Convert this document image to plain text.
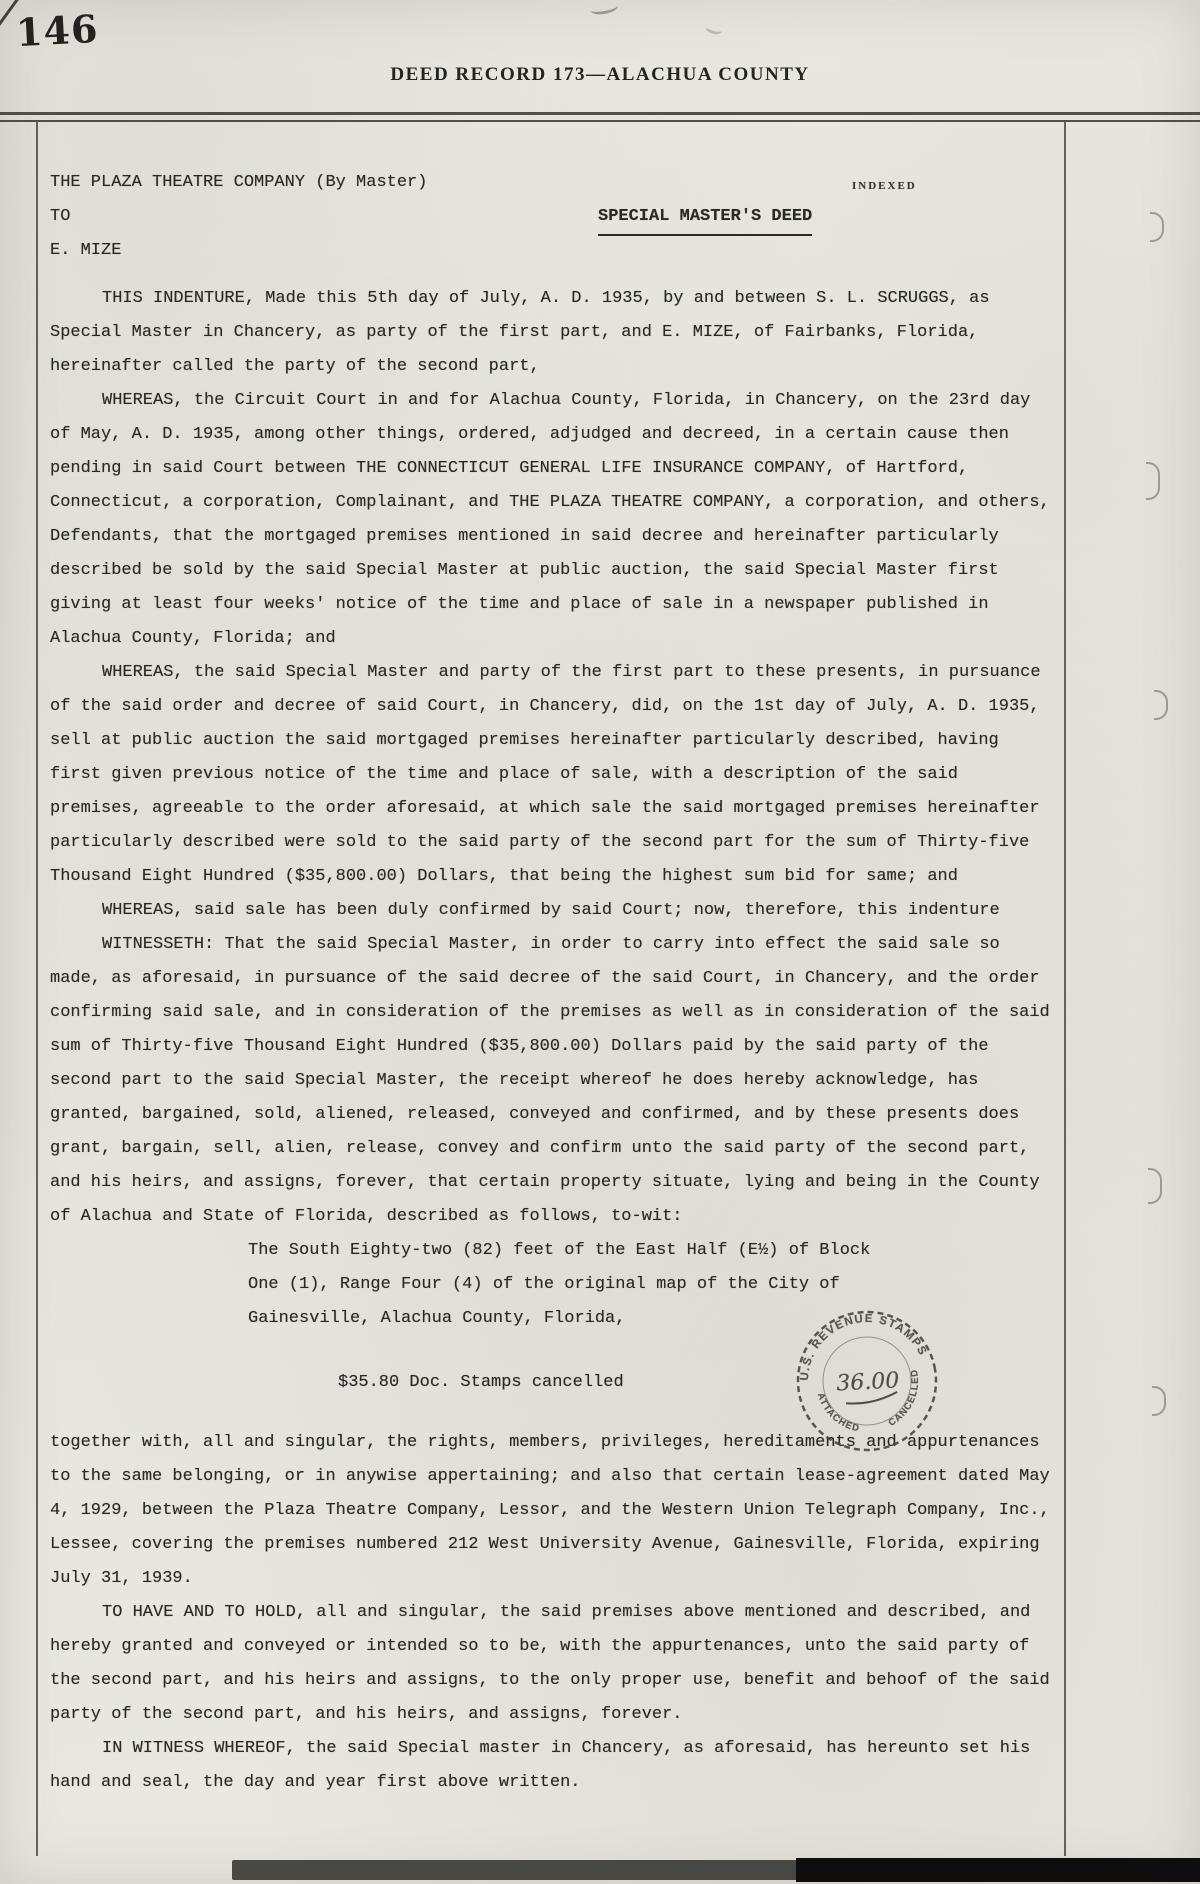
146
DEED RECORD 173—ALACHUA COUNTY
THE PLAZA THEATRE COMPANY (By Master)	INDEXED
TO	SPECIAL MASTER'S DEED
E. MIZE

THIS INDENTURE, Made this 5th day of July, A. D. 1935, by and between S. L. SCRUGGS, as Special Master in Chancery, as party of the first part, and E. MIZE, of Fairbanks, Florida, hereinafter called the party of the second part,

WHEREAS, the Circuit Court in and for Alachua County, Florida, in Chancery, on the 23rd day of May, A. D. 1935, among other things, ordered, adjudged and decreed, in a certain cause then pending in said Court between THE CONNECTICUT GENERAL LIFE INSURANCE COMPANY, of Hartford, Connecticut, a corporation, Complainant, and THE PLAZA THEATRE COMPANY, a corporation, and others, Defendants, that the mortgaged premises mentioned in said decree and hereinafter particularly described be sold by the said Special Master at public auction, the said Special Master first giving at least four weeks' notice of the time and place of sale in a newspaper published in Alachua County, Florida; and

WHEREAS, the said Special Master and party of the first part to these presents, in pursuance of the said order and decree of said Court, in Chancery, did, on the 1st day of July, A. D. 1935, sell at public auction the said mortgaged premises hereinafter particularly described, having first given previous notice of the time and place of sale, with a description of the said premises, agreeable to the order aforesaid, at which sale the said mortgaged premises hereinafter particularly described were sold to the said party of the second part for the sum of Thirty-five Thousand Eight Hundred ($35,800.00) Dollars, that being the highest sum bid for same; and

WHEREAS, said sale has been duly confirmed by said Court; now, therefore, this indenture

WITNESSETH: That the said Special Master, in order to carry into effect the said sale so made, as aforesaid, in pursuance of the said decree of the said Court, in Chancery, and the order confirming said sale, and in consideration of the premises as well as in consideration of the said sum of Thirty-five Thousand Eight Hundred ($35,800.00) Dollars paid by the said party of the second part to the said Special Master, the receipt whereof he does hereby acknowledge, has granted, bargained, sold, aliened, released, conveyed and confirmed, and by these presents does grant, bargain, sell, alien, release, convey and confirm unto the said party of the second part, and his heirs, and assigns, forever, that certain property situate, lying and being in the County of Alachua and State of Florida, described as follows, to-wit:

The South Eighty-two (82) feet of the East Half (E½) of Block
One (1), Range Four (4) of the original map of the City of
Gainesville, Alachua County, Florida,
$35.80 Doc. Stamps cancelled	U.S. REVENUE STAMPS
ATTACHED	CANCELLED
36.00

together with, all and singular, the rights, members, privileges, hereditaments and appurtenances to the same belonging, or in anywise appertaining; and also that certain lease-agreement dated May 4, 1929, between the Plaza Theatre Company, Lessor, and the Western Union Telegraph Company, Inc., Lessee, covering the premises numbered 212 West University Avenue, Gainesville, Florida, expiring July 31, 1939.

TO HAVE AND TO HOLD, all and singular, the said premises above mentioned and described, and hereby granted and conveyed or intended so to be, with the appurtenances, unto the said party of the second part, and his heirs and assigns, to the only proper use, benefit and behoof of the said party of the second part, and his heirs, and assigns, forever.

IN WITNESS WHEREOF, the said Special master in Chancery, as aforesaid, has hereunto set his hand and seal, the day and year first above written.
